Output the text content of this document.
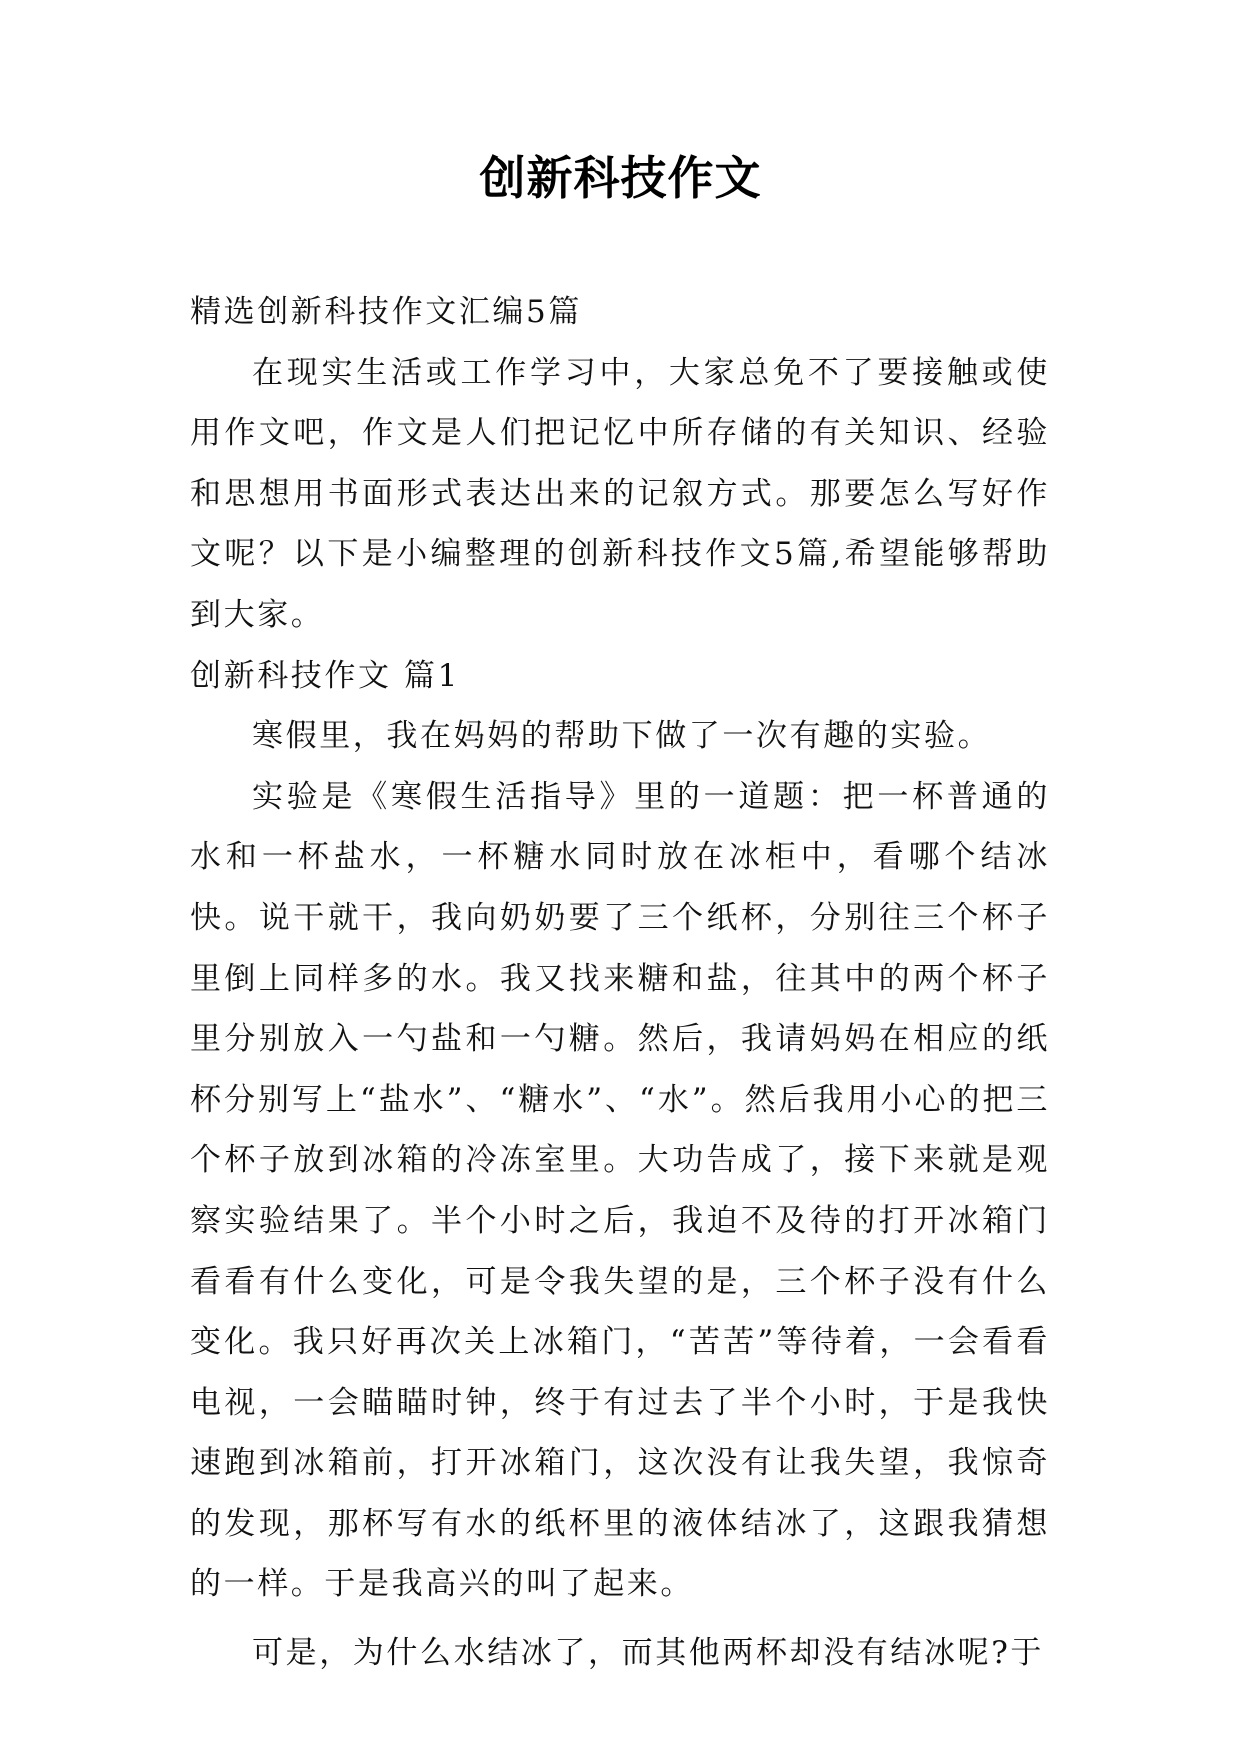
创新科技作文

精选创新科技作文汇编5篇

在现实生活或工作学习中，大家总免不了要接触或使用作文吧，作文是人们把记忆中所存储的有关知识、经验和思想用书面形式表达出来的记叙方式。那要怎么写好作文呢？以下是小编整理的创新科技作文5篇,希望能够帮助到大家。

创新科技作文 篇1

寒假里，我在妈妈的帮助下做了一次有趣的实验。

实验是《寒假生活指导》里的一道题：把一杯普通的水和一杯盐水，一杯糖水同时放在冰柜中，看哪个结冰快。说干就干，我向奶奶要了三个纸杯，分别往三个杯子里倒上同样多的水。我又找来糖和盐，往其中的两个杯子里分别放入一勺盐和一勺糖。然后，我请妈妈在相应的纸杯分别写上“盐水”、“糖水”、“水”。然后我用小心的把三个杯子放到冰箱的冷冻室里。大功告成了，接下来就是观察实验结果了。半个小时之后，我迫不及待的打开冰箱门看看有什么变化，可是令我失望的是，三个杯子没有什么变化。我只好再次关上冰箱门，“苦苦”等待着，一会看看电视，一会瞄瞄时钟，终于有过去了半个小时，于是我快速跑到冰箱前，打开冰箱门，这次没有让我失望，我惊奇的发现，那杯写有水的纸杯里的液体结冰了，这跟我猜想的一样。于是我高兴的叫了起来。

可是，为什么水结冰了，而其他两杯却没有结冰呢?于
